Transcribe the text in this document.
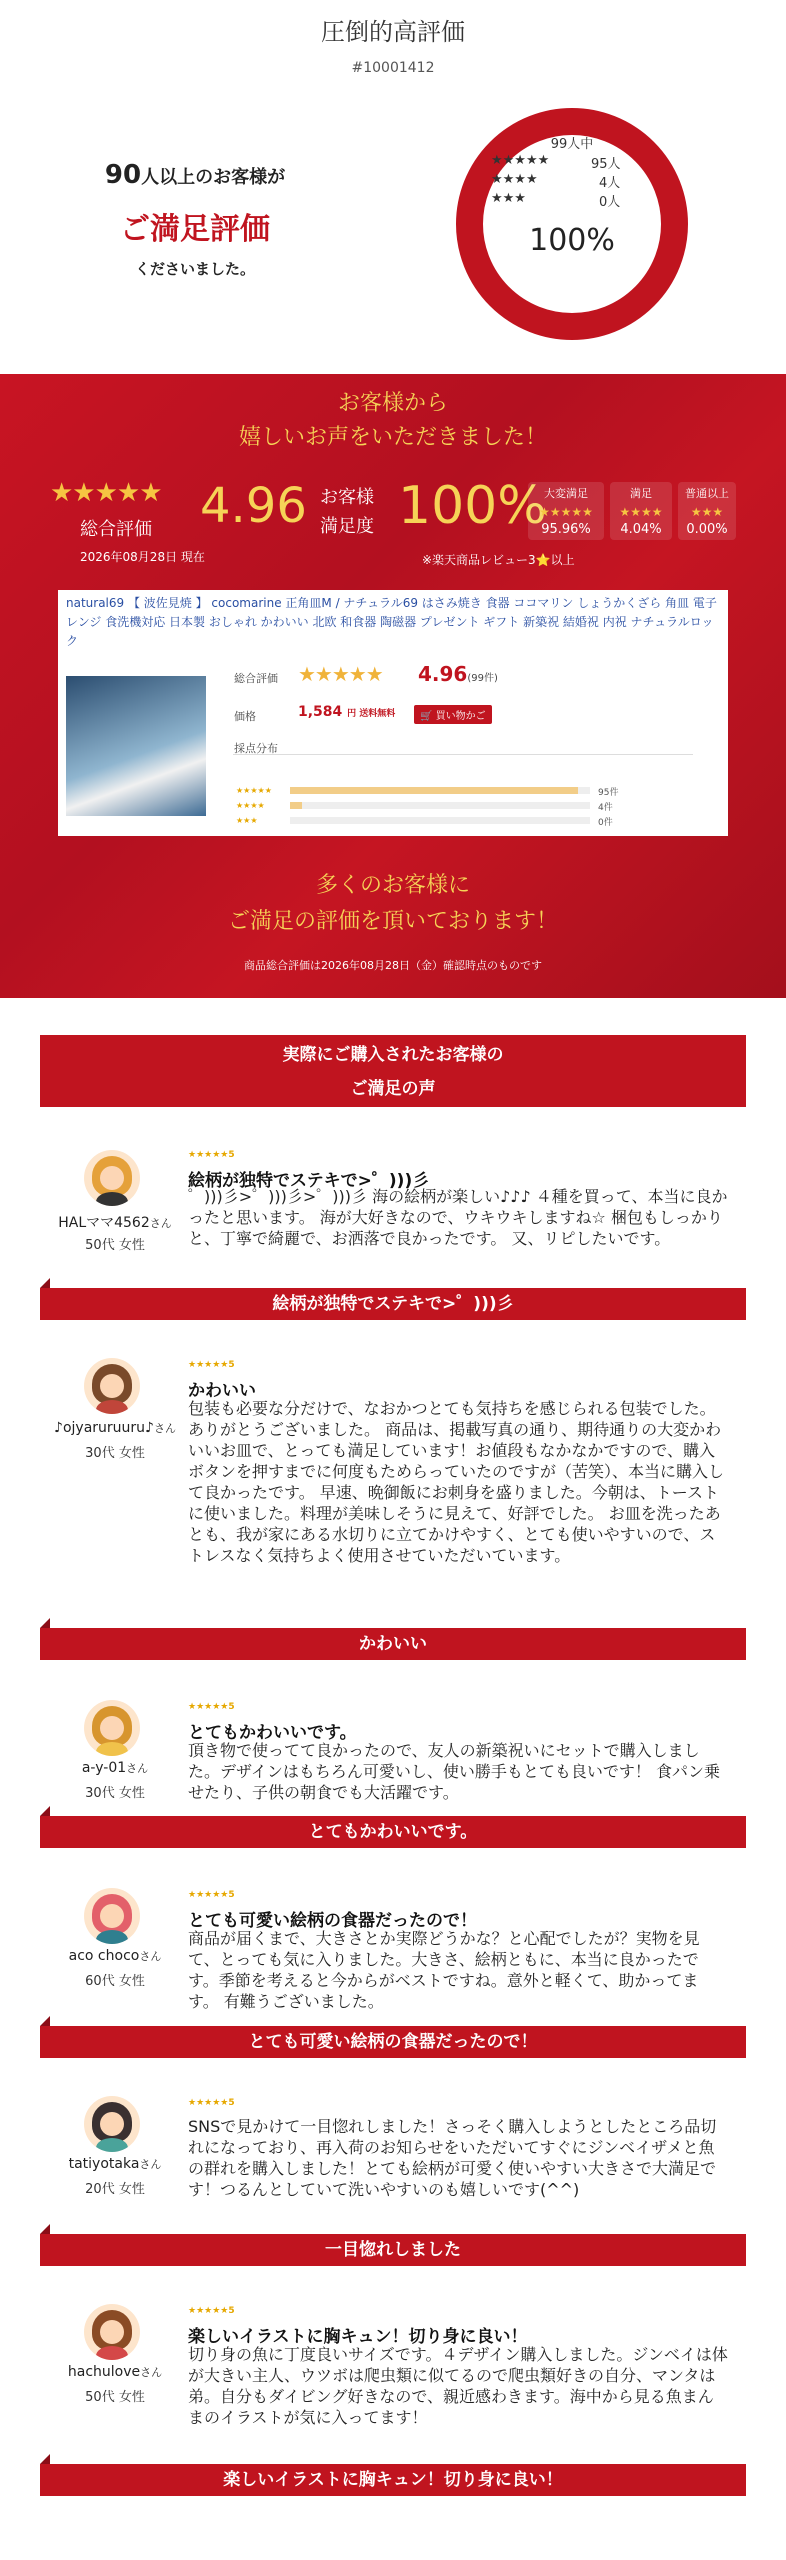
圧倒的高評価
#10001412
90人以上のお客様が
ご満足評価
くださいました。
99人中
★★★★★	95人
★★★★	4人
★★★	0人
100%
お客様から
嬉しいお声をいただきました！
★★★★★
総合評価 4.96 お客様
満足度 100%
大変満足
★★★★★
95.96%
満足
★★★★
4.04%
普通以上
★★★
0.00%
2026年08月28日 現在	※楽天商品レビュー3⭐以上
natural69 【 波佐見焼 】 cocomarine 正角皿M / ナチュラル69 はさみ焼き 食器 ココマリン しょうかくざら 角皿 電子レンジ 食洗機対応 日本製 おしゃれ かわいい 北欧 和食器 陶磁器 プレゼント ギフト 新築祝 結婚祝 内祝 ナチュラルロック
総合評価 ★★★★★ 4.96(99件)
価格	1,584 円 送料無料	🛒 買い物かご
採点分布
★★★★★	95件
★★★★	4件
★★★	0件
多くのお客様に
ご満足の評価を頂いております！
商品総合評価は2026年08月28日（金）確認時点のものです
実際にご購入されたお客様の
ご満足の声
HALママ4562さん
50代 女性
★★★★★5
絵柄が独特でステキで>゜)))彡
゜)))彡>゜)))彡>゜)))彡 海の絵柄が楽しい♪♪♪ ４種を買って、本当に良かったと思います。 海が大好きなので、ウキウキしますね☆ 梱包もしっかりと、丁寧で綺麗で、お洒落で良かったです。 又、リピしたいです。
絵柄が独特でステキで>゜)))彡
♪ojyaruruuru♪さん
30代 女性
★★★★★5
かわいい
包装も必要な分だけで、なおかつとても気持ちを感じられる包装でした。 ありがとうございました。 商品は、掲載写真の通り、期待通りの大変かわいいお皿で、とっても満足しています！お値段もなかなかですので、購入ボタンを押すまでに何度もためらっていたのですが（苦笑）、本当に購入して良かったです。 早速、晩御飯にお刺身を盛りました。今朝は、トーストに使いました。料理が美味しそうに見えて、好評でした。 お皿を洗ったあとも、我が家にある水切りに立てかけやすく、とても使いやすいので、ストレスなく気持ちよく使用させていただいています。
かわいい
a-y-01さん
30代 女性
★★★★★5
とてもかわいいです。
頂き物で使ってて良かったので、友人の新築祝いにセットで購入しました。デザインはもちろん可愛いし、使い勝手もとても良いです！ 食パン乗せたり、子供の朝食でも大活躍です。
とてもかわいいです。
aco chocoさん
60代 女性
★★★★★5
とても可愛い絵柄の食器だったので！
商品が届くまで、大きさとか実際どうかな？と心配でしたが？実物を見て、とっても気に入りました。大きさ、絵柄ともに、本当に良かったです。季節を考えると今からがベストですね。意外と軽くて、助かってます。 有難うございました。
とても可愛い絵柄の食器だったので！
tatiyotakaさん
20代 女性
★★★★★5
SNSで見かけて一目惚れしました！さっそく購入しようとしたところ品切れになっており、再入荷のお知らせをいただいてすぐにジンベイザメと魚の群れを購入しました！とても絵柄が可愛く使いやすい大きさで大満足です！つるんとしていて洗いやすいのも嬉しいです(^^)
一目惚れしました
hachuloveさん
50代 女性
★★★★★5
楽しいイラストに胸キュン！切り身に良い！
切り身の魚に丁度良いサイズです。４デザイン購入しました。ジンベイは体が大きい主人、ウツボは爬虫類に似てるので爬虫類好きの自分、マンタは弟。自分もダイビング好きなので、親近感わきます。海中から見る魚まんまのイラストが気に入ってます！
楽しいイラストに胸キュン！切り身に良い！
